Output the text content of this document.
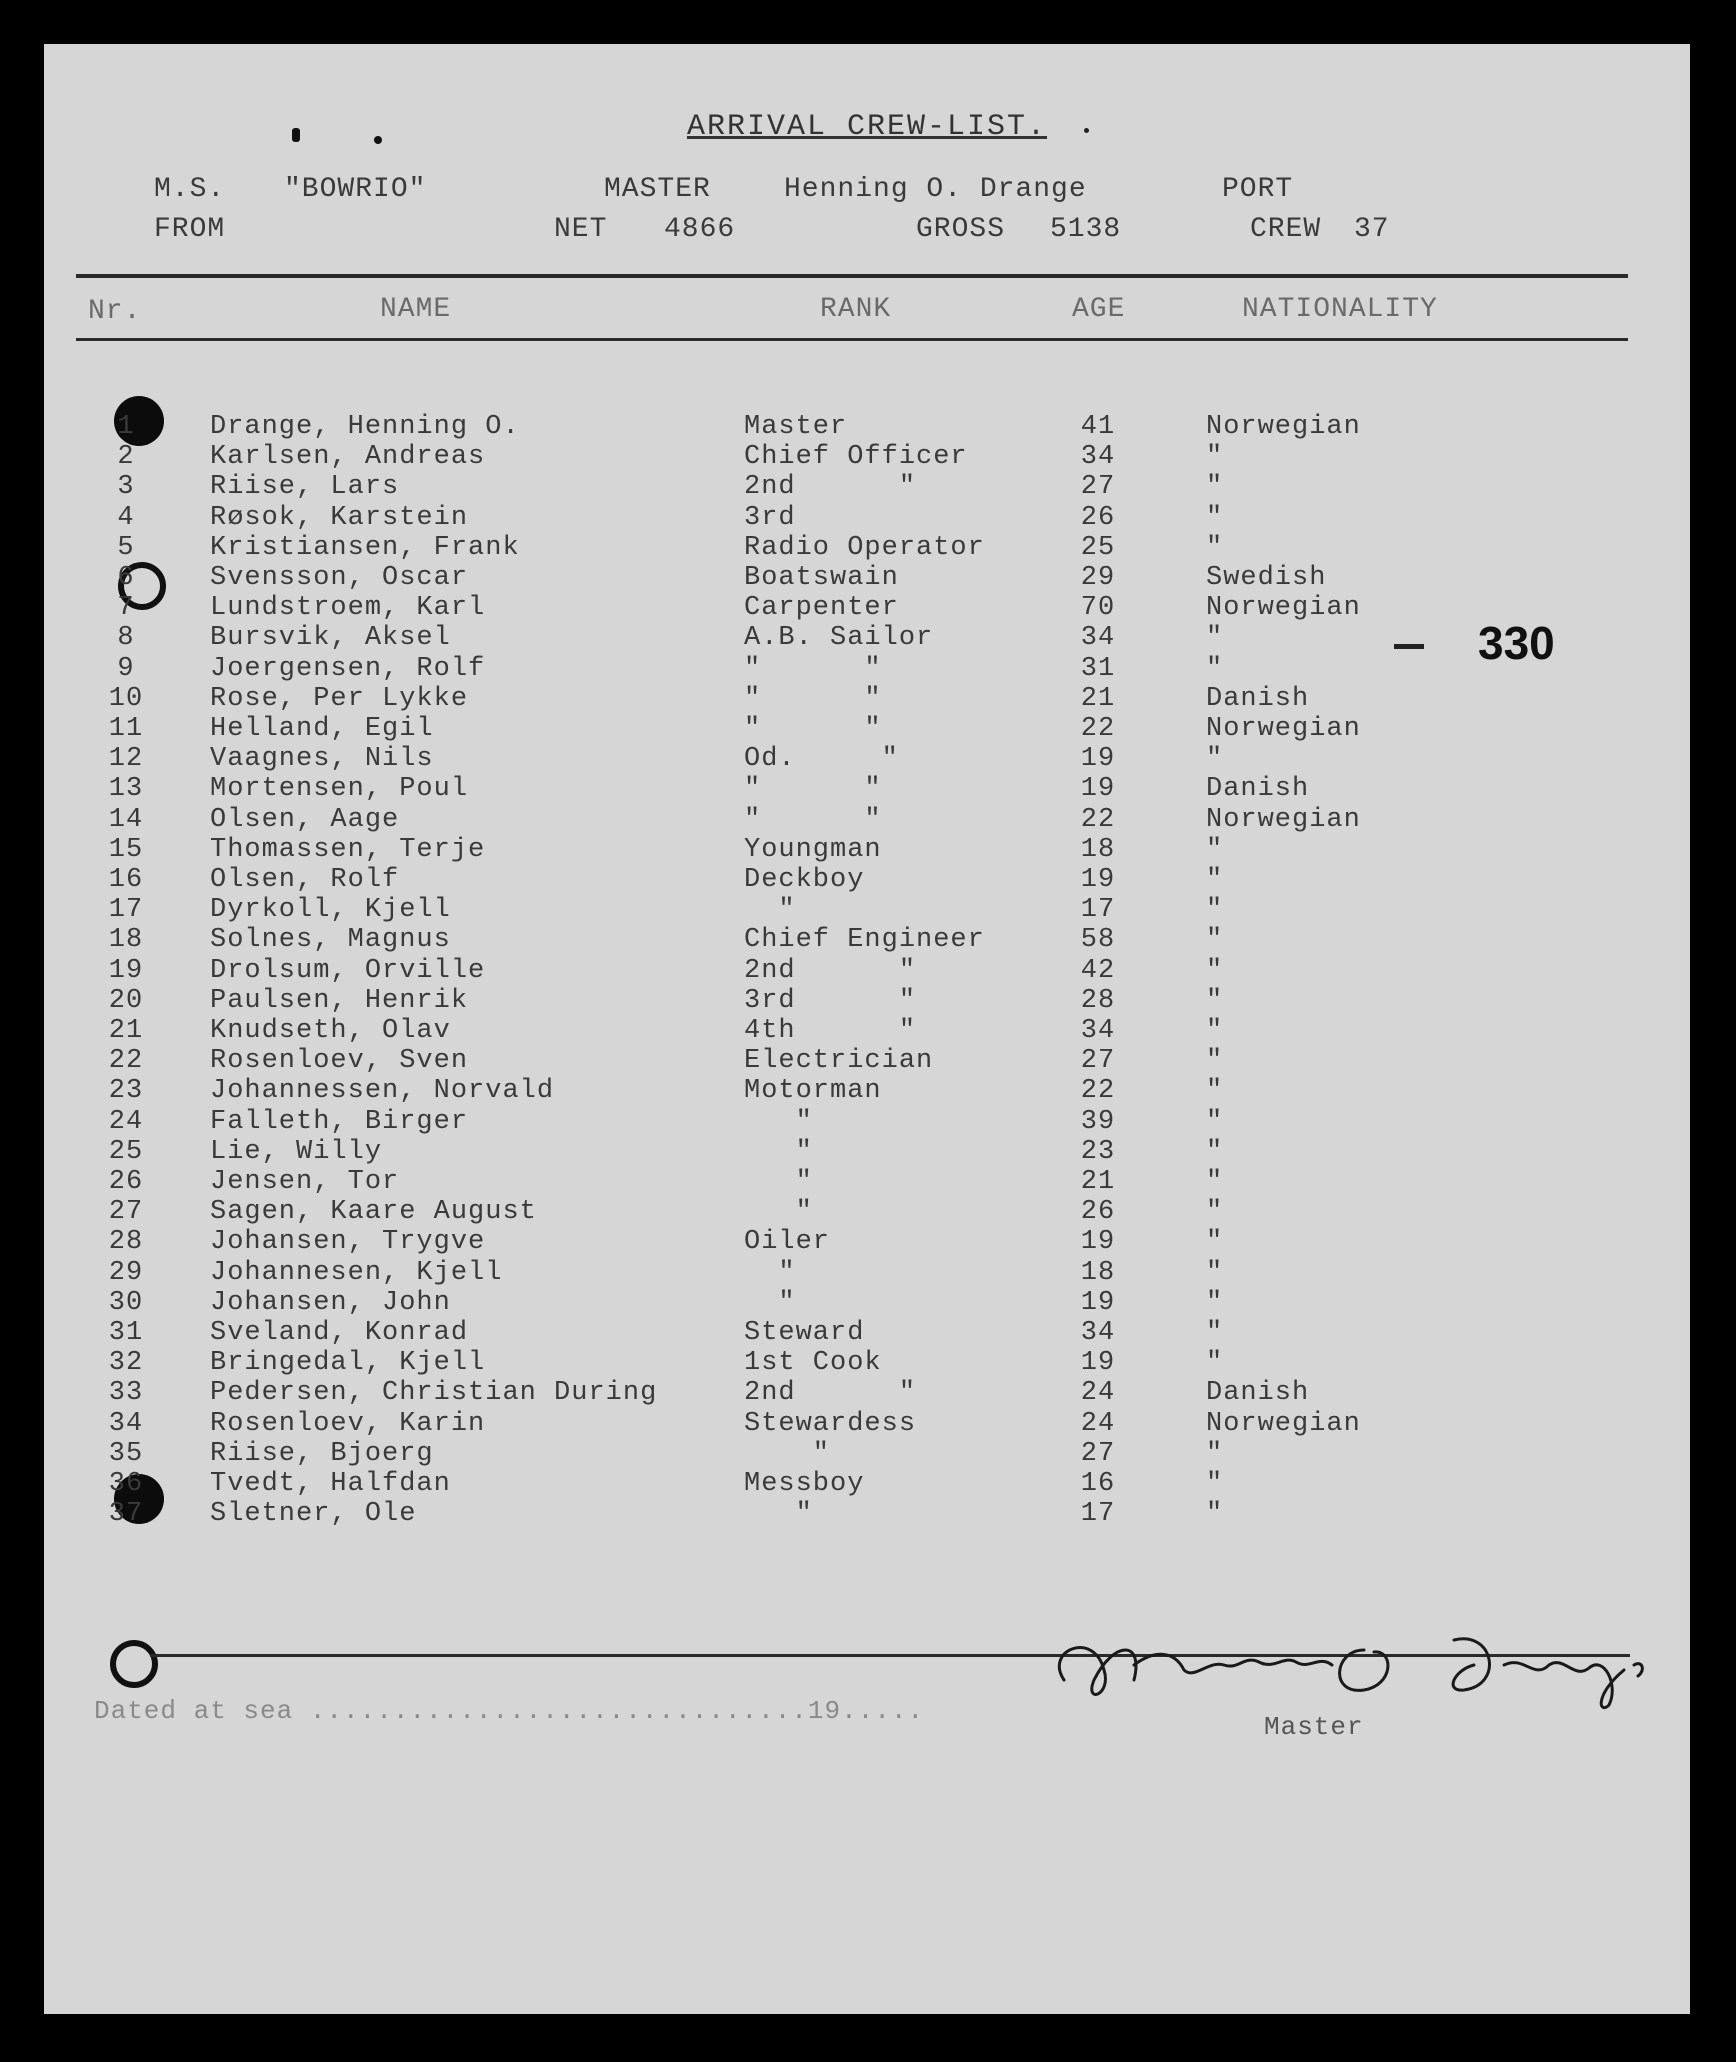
ARRIVAL CREW-LIST.
M.S. "BOWRIO"	MASTER	Henning O. Drange	PORT
FROM	NET 4866	GROSS 5138	CREW 37
Nr.	NAME	RANK	AGE	NATIONALITY
1	Drange, Henning O.	Master	41	Norwegian
2	Karlsen, Andreas	Chief Officer	34	"
3	Riise, Lars	2nd      "	27	"
4	Røsok, Karstein	3rd	26	"
5	Kristiansen, Frank	Radio Operator	25	"
6	Svensson, Oscar	Boatswain	29	Swedish
7	Lundstroem, Karl	Carpenter	70	Norwegian
8	Bursvik, Aksel	A.B. Sailor	34	"
9	Joergensen, Rolf	"      "	31	"
10	Rose, Per Lykke	"      "	21	Danish
11	Helland, Egil	"      "	22	Norwegian
12	Vaagnes, Nils	Od.     "	19	"
13	Mortensen, Poul	"      "	19	Danish
14	Olsen, Aage	"      "	22	Norwegian
15	Thomassen, Terje	Youngman	18	"
16	Olsen, Rolf	Deckboy	19	"
17	Dyrkoll, Kjell	"	17	"
18	Solnes, Magnus	Chief Engineer	58	"
19	Drolsum, Orville	2nd      "	42	"
20	Paulsen, Henrik	3rd      "	28	"
21	Knudseth, Olav	4th      "	34	"
22	Rosenloev, Sven	Electrician	27	"
23	Johannessen, Norvald	Motorman	22	"
24	Falleth, Birger	"	39	"
25	Lie, Willy	"	23	"
26	Jensen, Tor	"	21	"
27	Sagen, Kaare August	"	26	"
28	Johansen, Trygve	Oiler	19	"
29	Johannesen, Kjell	"	18	"
30	Johansen, John	"	19	"
31	Sveland, Konrad	Steward	34	"
32	Bringedal, Kjell	1st Cook	19	"
33	Pedersen, Christian During	2nd      "	24	Danish
34	Rosenloev, Karin	Stewardess	24	Norwegian
35	Riise, Bjoerg	"	27	"
36	Tvedt, Halfdan	Messboy	16	"
37	Sletner, Ole	"	17	"
330
Dated at sea ..............................19.....
Master
